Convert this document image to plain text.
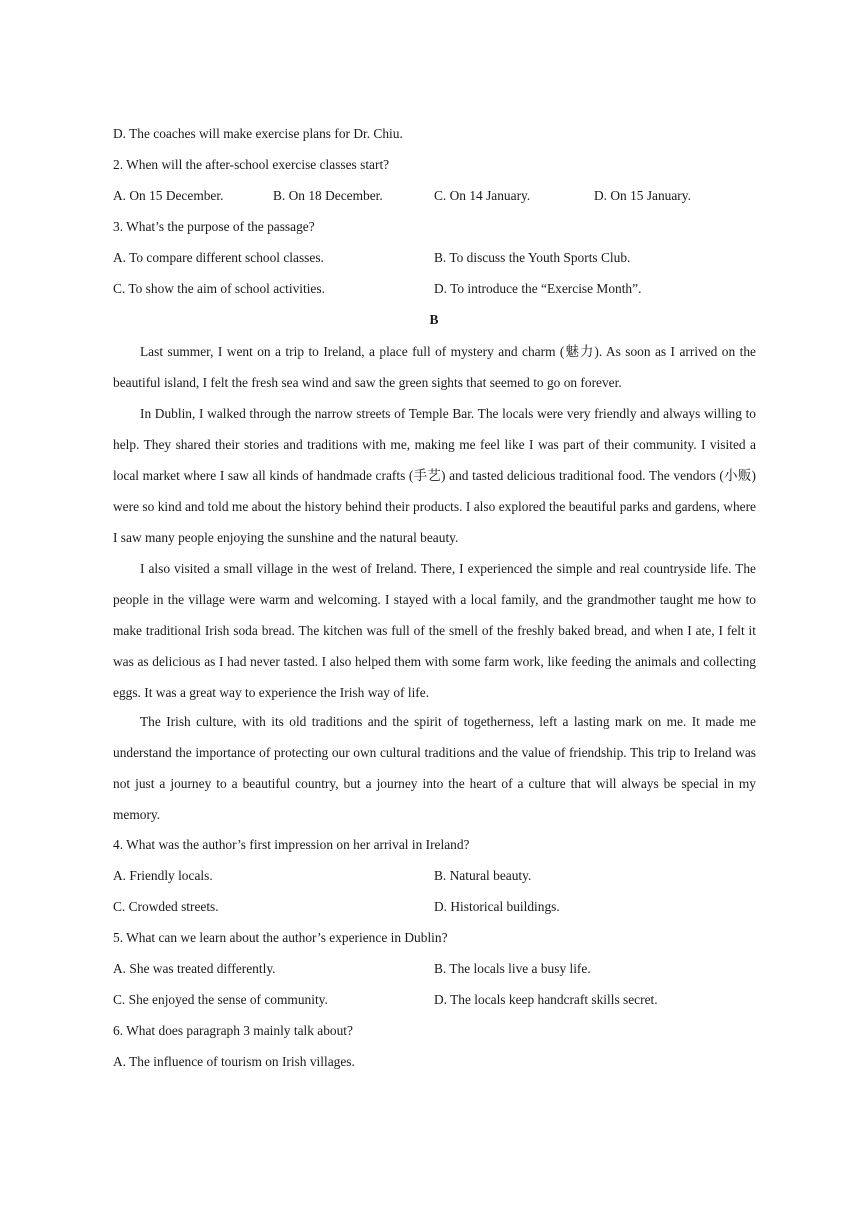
D. The coaches will make exercise plans for Dr. Chiu.
2. When will the after-school exercise classes start?
A. On 15 December.	B. On 18 December.	C. On 14 January.	D. On 15 January.
3. What’s the purpose of the passage?
A. To compare different school classes.	B. To discuss the Youth Sports Club.
C. To show the aim of school activities.	D. To introduce the “Exercise Month”.
B
Last summer, I went on a trip to Ireland, a place full of mystery and charm (魅力). As soon as I arrived on the beautiful island, I felt the fresh sea wind and saw the green sights that seemed to go on forever.
In Dublin, I walked through the narrow streets of Temple Bar. The locals were very friendly and always willing to help. They shared their stories and traditions with me, making me feel like I was part of their community. I visited a local market where I saw all kinds of handmade crafts (手艺) and tasted delicious traditional food. The vendors (小贩) were so kind and told me about the history behind their products. I also explored the beautiful parks and gardens, where I saw many people enjoying the sunshine and the natural beauty.
I also visited a small village in the west of Ireland. There, I experienced the simple and real countryside life. The people in the village were warm and welcoming. I stayed with a local family, and the grandmother taught me how to make traditional Irish soda bread. The kitchen was full of the smell of the freshly baked bread, and when I ate, I felt it was as delicious as I had never tasted. I also helped them with some farm work, like feeding the animals and collecting eggs. It was a great way to experience the Irish way of life.
The Irish culture, with its old traditions and the spirit of togetherness, left a lasting mark on me. It made me understand the importance of protecting our own cultural traditions and the value of friendship. This trip to Ireland was not just a journey to a beautiful country, but a journey into the heart of a culture that will always be special in my memory.
4. What was the author’s first impression on her arrival in Ireland?
A. Friendly locals.	B. Natural beauty.
C. Crowded streets.	D. Historical buildings.
5. What can we learn about the author’s experience in Dublin?
A. She was treated differently.	B. The locals live a busy life.
C. She enjoyed the sense of community.	D. The locals keep handcraft skills secret.
6. What does paragraph 3 mainly talk about?
A. The influence of tourism on Irish villages.
